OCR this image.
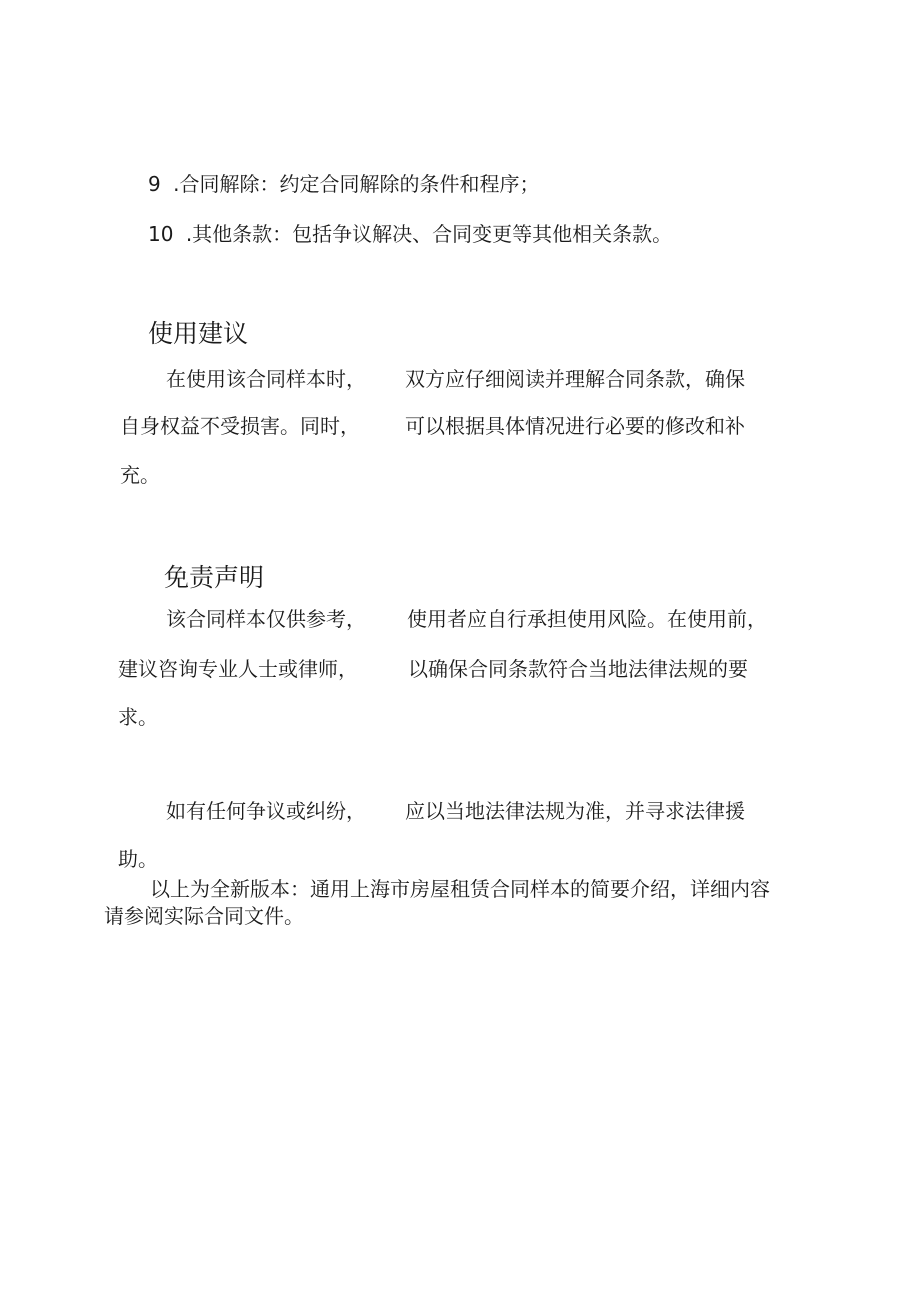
9 .合同解除：约定合同解除的条件和程序；
10 .其他条款：包括争议解决、合同变更等其他相关条款。
使用建议
在使用该合同样本时， 双方应仔细阅读并理解合同条款，确保
自身权益不受损害。同时， 可以根据具体情况进行必要的修改和补
充。
免责声明
该合同样本仅供参考， 使用者应自行承担使用风险。在使用前，
建议咨询专业人士或律师，	以确保合同条款符合当地法律法规的要
求。
如有任何争议或纠纷， 应以当地法律法规为准，并寻求法律援
助。
以上为全新版本：通用上海市房屋租赁合同样本的简要介绍，详细内容
请参阅实际合同文件。
